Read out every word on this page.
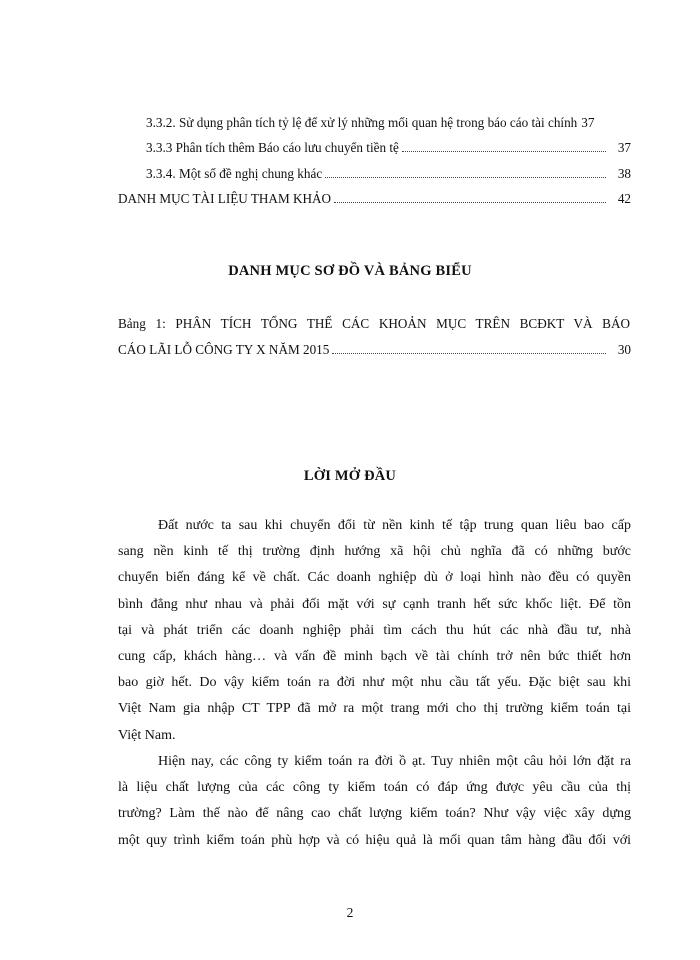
3.3.2. Sử dụng phân tích tỷ lệ để xử lý những mối quan hệ trong báo cáo tài chính 37
3.3.3 Phân tích thêm Báo cáo lưu chuyển tiền tệ	37
3.3.4. Một số đề nghị chung khác	38
DANH MỤC TÀI LIỆU THAM KHẢO	42
DANH MỤC SƠ ĐỒ VÀ BẢNG BIỂU
Bảng 1: PHÂN TÍCH TỔNG THỂ CÁC KHOẢN MỤC TRÊN BCĐKT VÀ BÁO
CÁO LÃI LỖ CÔNG TY X NĂM 2015	30
LỜI MỞ ĐẦU
Đất nước ta sau khi chuyển đổi từ nền kinh tế tập trung quan liêu bao cấp
sang nền kinh tế thị trường định hướng xã hội chủ nghĩa đã có những bước
chuyển biến đáng kể về chất. Các doanh nghiệp dù ở loại hình nào đều có quyền
bình đẳng như nhau và phải đối mặt với sự cạnh tranh hết sức khốc liệt. Để tồn
tại và phát triển các doanh nghiệp phải tìm cách thu hút các nhà đầu tư, nhà
cung cấp, khách hàng… và vấn đề minh bạch về tài chính trở nên bức thiết hơn
bao giờ hết. Do vậy kiểm toán ra đời như một nhu cầu tất yếu. Đặc biệt sau khi
Việt Nam gia nhập CT TPP đã mở ra một trang mới cho thị trường kiểm toán tại
Việt Nam.
Hiện nay, các công ty kiểm toán ra đời ồ ạt. Tuy nhiên một câu hỏi lớn đặt ra
là liệu chất lượng của các công ty kiểm toán có đáp ứng được yêu cầu của thị
trường? Làm thế nào để nâng cao chất lượng kiểm toán? Như vậy việc xây dựng
một quy trình kiểm toán phù hợp và có hiệu quả là mối quan tâm hàng đầu đối với
2
